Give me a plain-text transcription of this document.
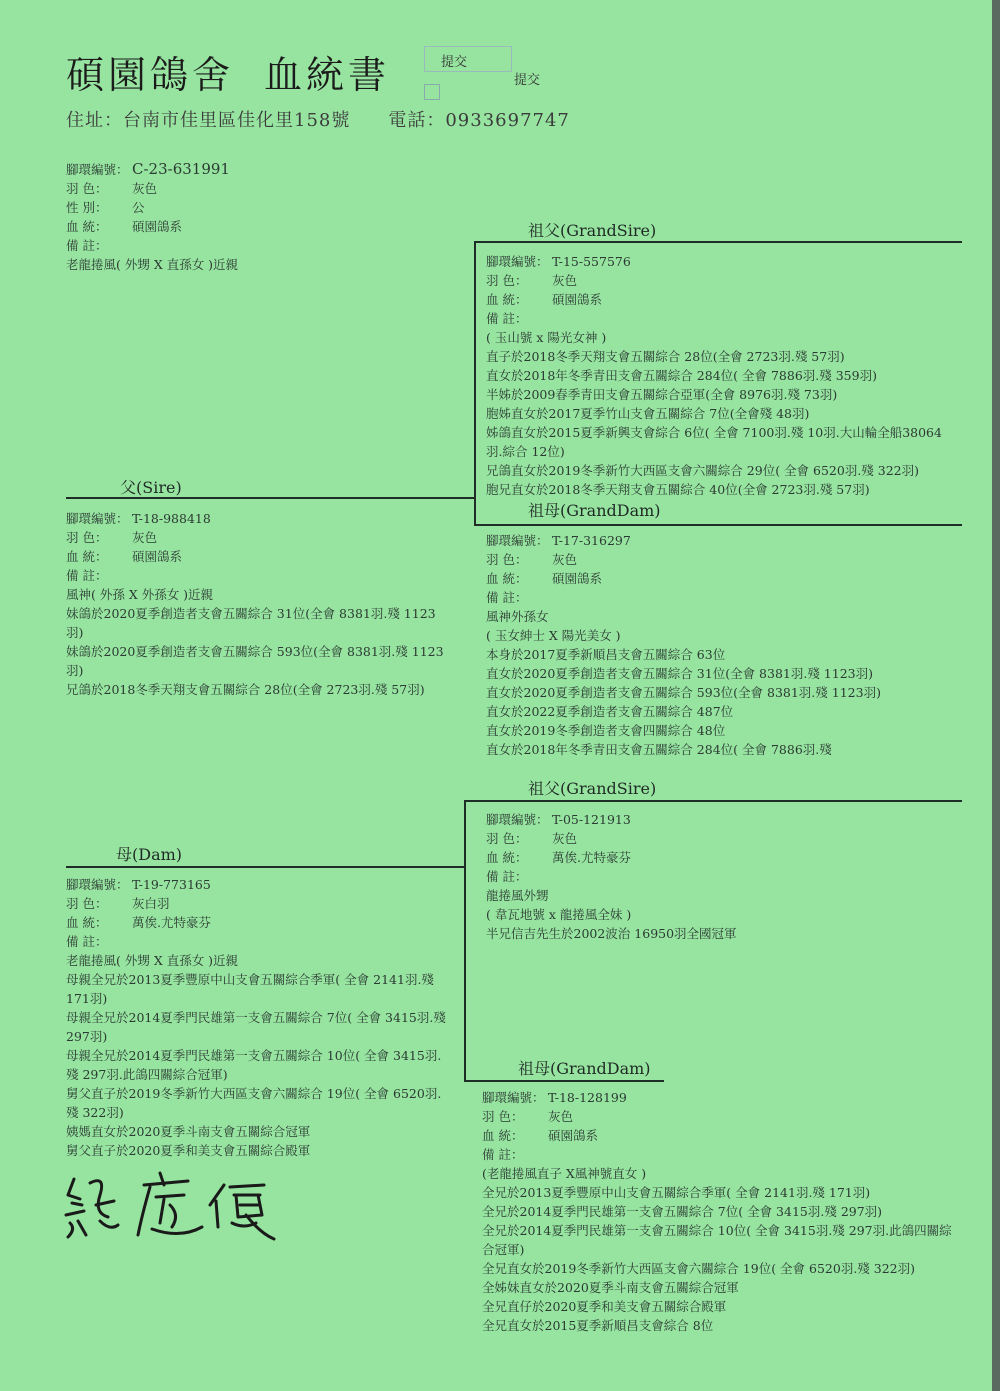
碩園鴿舍 血統書	提交
提交
住址：台南市佳里區佳化里158號 電話：0933697747
腳環編號： C-23-631991
羽 色： 灰色
性 別： 公
血 統： 碩園鴿系
備 註：
老龍捲風( 外甥 X 直孫女 )近親
祖父(GrandSire)
父(Sire)
祖母(GrandDam)
祖父(GrandSire)
母(Dam)
祖母(GrandDam)
腳環編號： T-15-557576
羽 色： 灰色
血 統： 碩園鴿系
備 註：
( 玉山號 x 陽光女神 )
直子於2018冬季天翔支會五關綜合 28位(全會 2723羽.殘 57羽)
直女於2018年冬季青田支會五關綜合 284位( 全會 7886羽.殘 359羽)
半姊於2009春季青田支會五關綜合亞軍(全會 8976羽.殘 73羽)
胞姊直女於2017夏季竹山支會五關綜合 7位(全會殘 48羽)
姊鴿直女於2015夏季新興支會綜合 6位( 全會 7100羽.殘 10羽.大山輪全船38064羽.綜合 12位)
兄鴿直女於2019冬季新竹大西區支會六關綜合 29位( 全會 6520羽.殘 322羽)
胞兄直女於2018冬季天翔支會五關綜合 40位(全會 2723羽.殘 57羽)
腳環編號： T-18-988418
羽 色： 灰色
血 統： 碩園鴿系
備 註：
風神( 外孫 X 外孫女 )近親
妹鴿於2020夏季創造者支會五關綜合 31位(全會 8381羽.殘 1123羽)
妹鴿於2020夏季創造者支會五關綜合 593位(全會 8381羽.殘 1123羽)
兄鴿於2018冬季天翔支會五關綜合 28位(全會 2723羽.殘 57羽)
腳環編號： T-17-316297
羽 色： 灰色
血 統： 碩園鴿系
備 註：
風神外孫女
( 玉女紳士 X 陽光美女 )
本身於2017夏季新順昌支會五關綜合 63位
直女於2020夏季創造者支會五關綜合 31位(全會 8381羽.殘 1123羽)
直女於2020夏季創造者支會五關綜合 593位(全會 8381羽.殘 1123羽)
直女於2022夏季創造者支會五關綜合 487位
直女於2019冬季創造者支會四關綜合 48位
直女於2018年冬季青田支會五關綜合 284位( 全會 7886羽.殘
腳環編號： T-05-121913
羽 色： 灰色
血 統： 萬俟.尤特豪芬
備 註：
龍捲風外甥
( 韋瓦地號 x 龍捲風全妹 )
半兄信吉先生於2002波治 16950羽全國冠軍
腳環編號： T-19-773165
羽 色： 灰白羽
血 統： 萬俟.尤特豪芬
備 註：
老龍捲風( 外甥 X 直孫女 )近親
母親全兄於2013夏季豐原中山支會五關綜合季軍( 全會 2141羽.殘 171羽)
母親全兄於2014夏季門民雄第一支會五關綜合 7位( 全會 3415羽.殘 297羽)
母親全兄於2014夏季門民雄第一支會五關綜合 10位( 全會 3415羽.殘 297羽.此鴿四關綜合冠軍)
舅父直子於2019冬季新竹大西區支會六關綜合 19位( 全會 6520羽.殘 322羽)
姨媽直女於2020夏季斗南支會五關綜合冠軍
舅父直子於2020夏季和美支會五關綜合殿軍
腳環編號： T-18-128199
羽 色： 灰色
血 統： 碩園鴿系
備 註：
(老龍捲風直子 X風神號直女 )
全兄於2013夏季豐原中山支會五關綜合季軍( 全會 2141羽.殘 171羽)
全兄於2014夏季門民雄第一支會五關綜合 7位( 全會 3415羽.殘 297羽)
全兄於2014夏季門民雄第一支會五關綜合 10位( 全會 3415羽.殘 297羽.此鴿四關綜合冠軍)
全兄直女於2019冬季新竹大西區支會六關綜合 19位( 全會 6520羽.殘 322羽)
全姊妹直女於2020夏季斗南支會五關綜合冠軍
全兄直仔於2020夏季和美支會五關綜合殿軍
全兄直女於2015夏季新順昌支會綜合 8位
